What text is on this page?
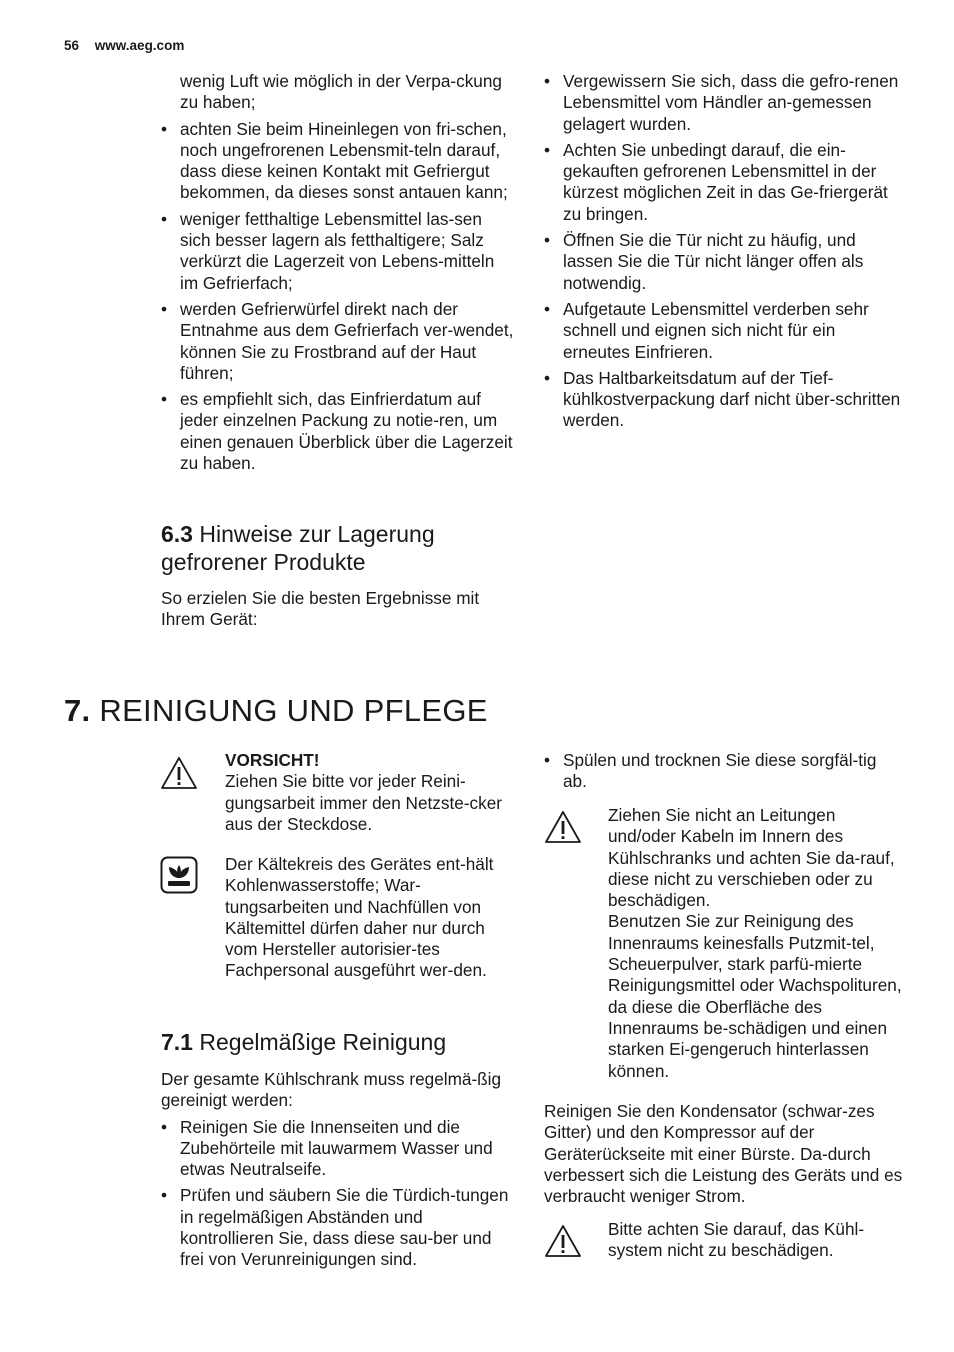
56 www.aeg.com
wenig Luft wie möglich in der Verpa-ckung zu haben;
• achten Sie beim Hineinlegen von fri-schen, noch ungefrorenen Lebensmit-teln darauf, dass diese keinen Kontakt mit Gefriergut bekommen, da dieses sonst antauen kann;
• weniger fetthaltige Lebensmittel las-sen sich besser lagern als fetthaltigere; Salz verkürzt die Lagerzeit von Lebens-mitteln im Gefrierfach;
• werden Gefrierwürfel direkt nach der Entnahme aus dem Gefrierfach ver-wendet, können Sie zu Frostbrand auf der Haut führen;
• es empfiehlt sich, das Einfrierdatum auf jeder einzelnen Packung zu notie-ren, um einen genauen Überblick über die Lagerzeit zu haben.
6.3 Hinweise zur Lagerung gefrorener Produkte
So erzielen Sie die besten Ergebnisse mit Ihrem Gerät:
• Vergewissern Sie sich, dass die gefro-renen Lebensmittel vom Händler an-gemessen gelagert wurden.
• Achten Sie unbedingt darauf, die ein-gekauften gefrorenen Lebensmittel in der kürzest möglichen Zeit in das Ge-friergerät zu bringen.
• Öffnen Sie die Tür nicht zu häufig, und lassen Sie die Tür nicht länger offen als notwendig.
• Aufgetaute Lebensmittel verderben sehr schnell und eignen sich nicht für ein erneutes Einfrieren.
• Das Haltbarkeitsdatum auf der Tief-kühlkostverpackung darf nicht über-schritten werden.
7. REINIGUNG UND PFLEGE
VORSICHT!
Ziehen Sie bitte vor jeder Reini-gungsarbeit immer den Netzste-cker aus der Steckdose.
Der Kältekreis des Gerätes ent-hält Kohlenwasserstoffe; War-tungsarbeiten und Nachfüllen von Kältemittel dürfen daher nur durch vom Hersteller autorisier-tes Fachpersonal ausgeführt wer-den.
7.1 Regelmäßige Reinigung
Der gesamte Kühlschrank muss regelmä-ßig gereinigt werden:
• Reinigen Sie die Innenseiten und die Zubehörteile mit lauwarmem Wasser und etwas Neutralseife.
• Prüfen und säubern Sie die Türdich-tungen in regelmäßigen Abständen und kontrollieren Sie, dass diese sau-ber und frei von Verunreinigungen sind.
• Spülen und trocknen Sie diese sorgfäl-tig ab.
Ziehen Sie nicht an Leitungen und/oder Kabeln im Innern des Kühlschranks und achten Sie da-rauf, diese nicht zu verschieben oder zu beschädigen.
Benutzen Sie zur Reinigung des Innenraums keinesfalls Putzmit-tel, Scheuerpulver, stark parfü-mierte Reinigungsmittel oder Wachspolituren, da diese die Oberfläche des Innenraums be-schädigen und einen starken Ei-gengeruch hinterlassen können.
Reinigen Sie den Kondensator (schwar-zes Gitter) und den Kompressor auf der Geräterückseite mit einer Bürste. Da-durch verbessert sich die Leistung des Geräts und es verbraucht weniger Strom.
Bitte achten Sie darauf, das Kühl-system nicht zu beschädigen.
